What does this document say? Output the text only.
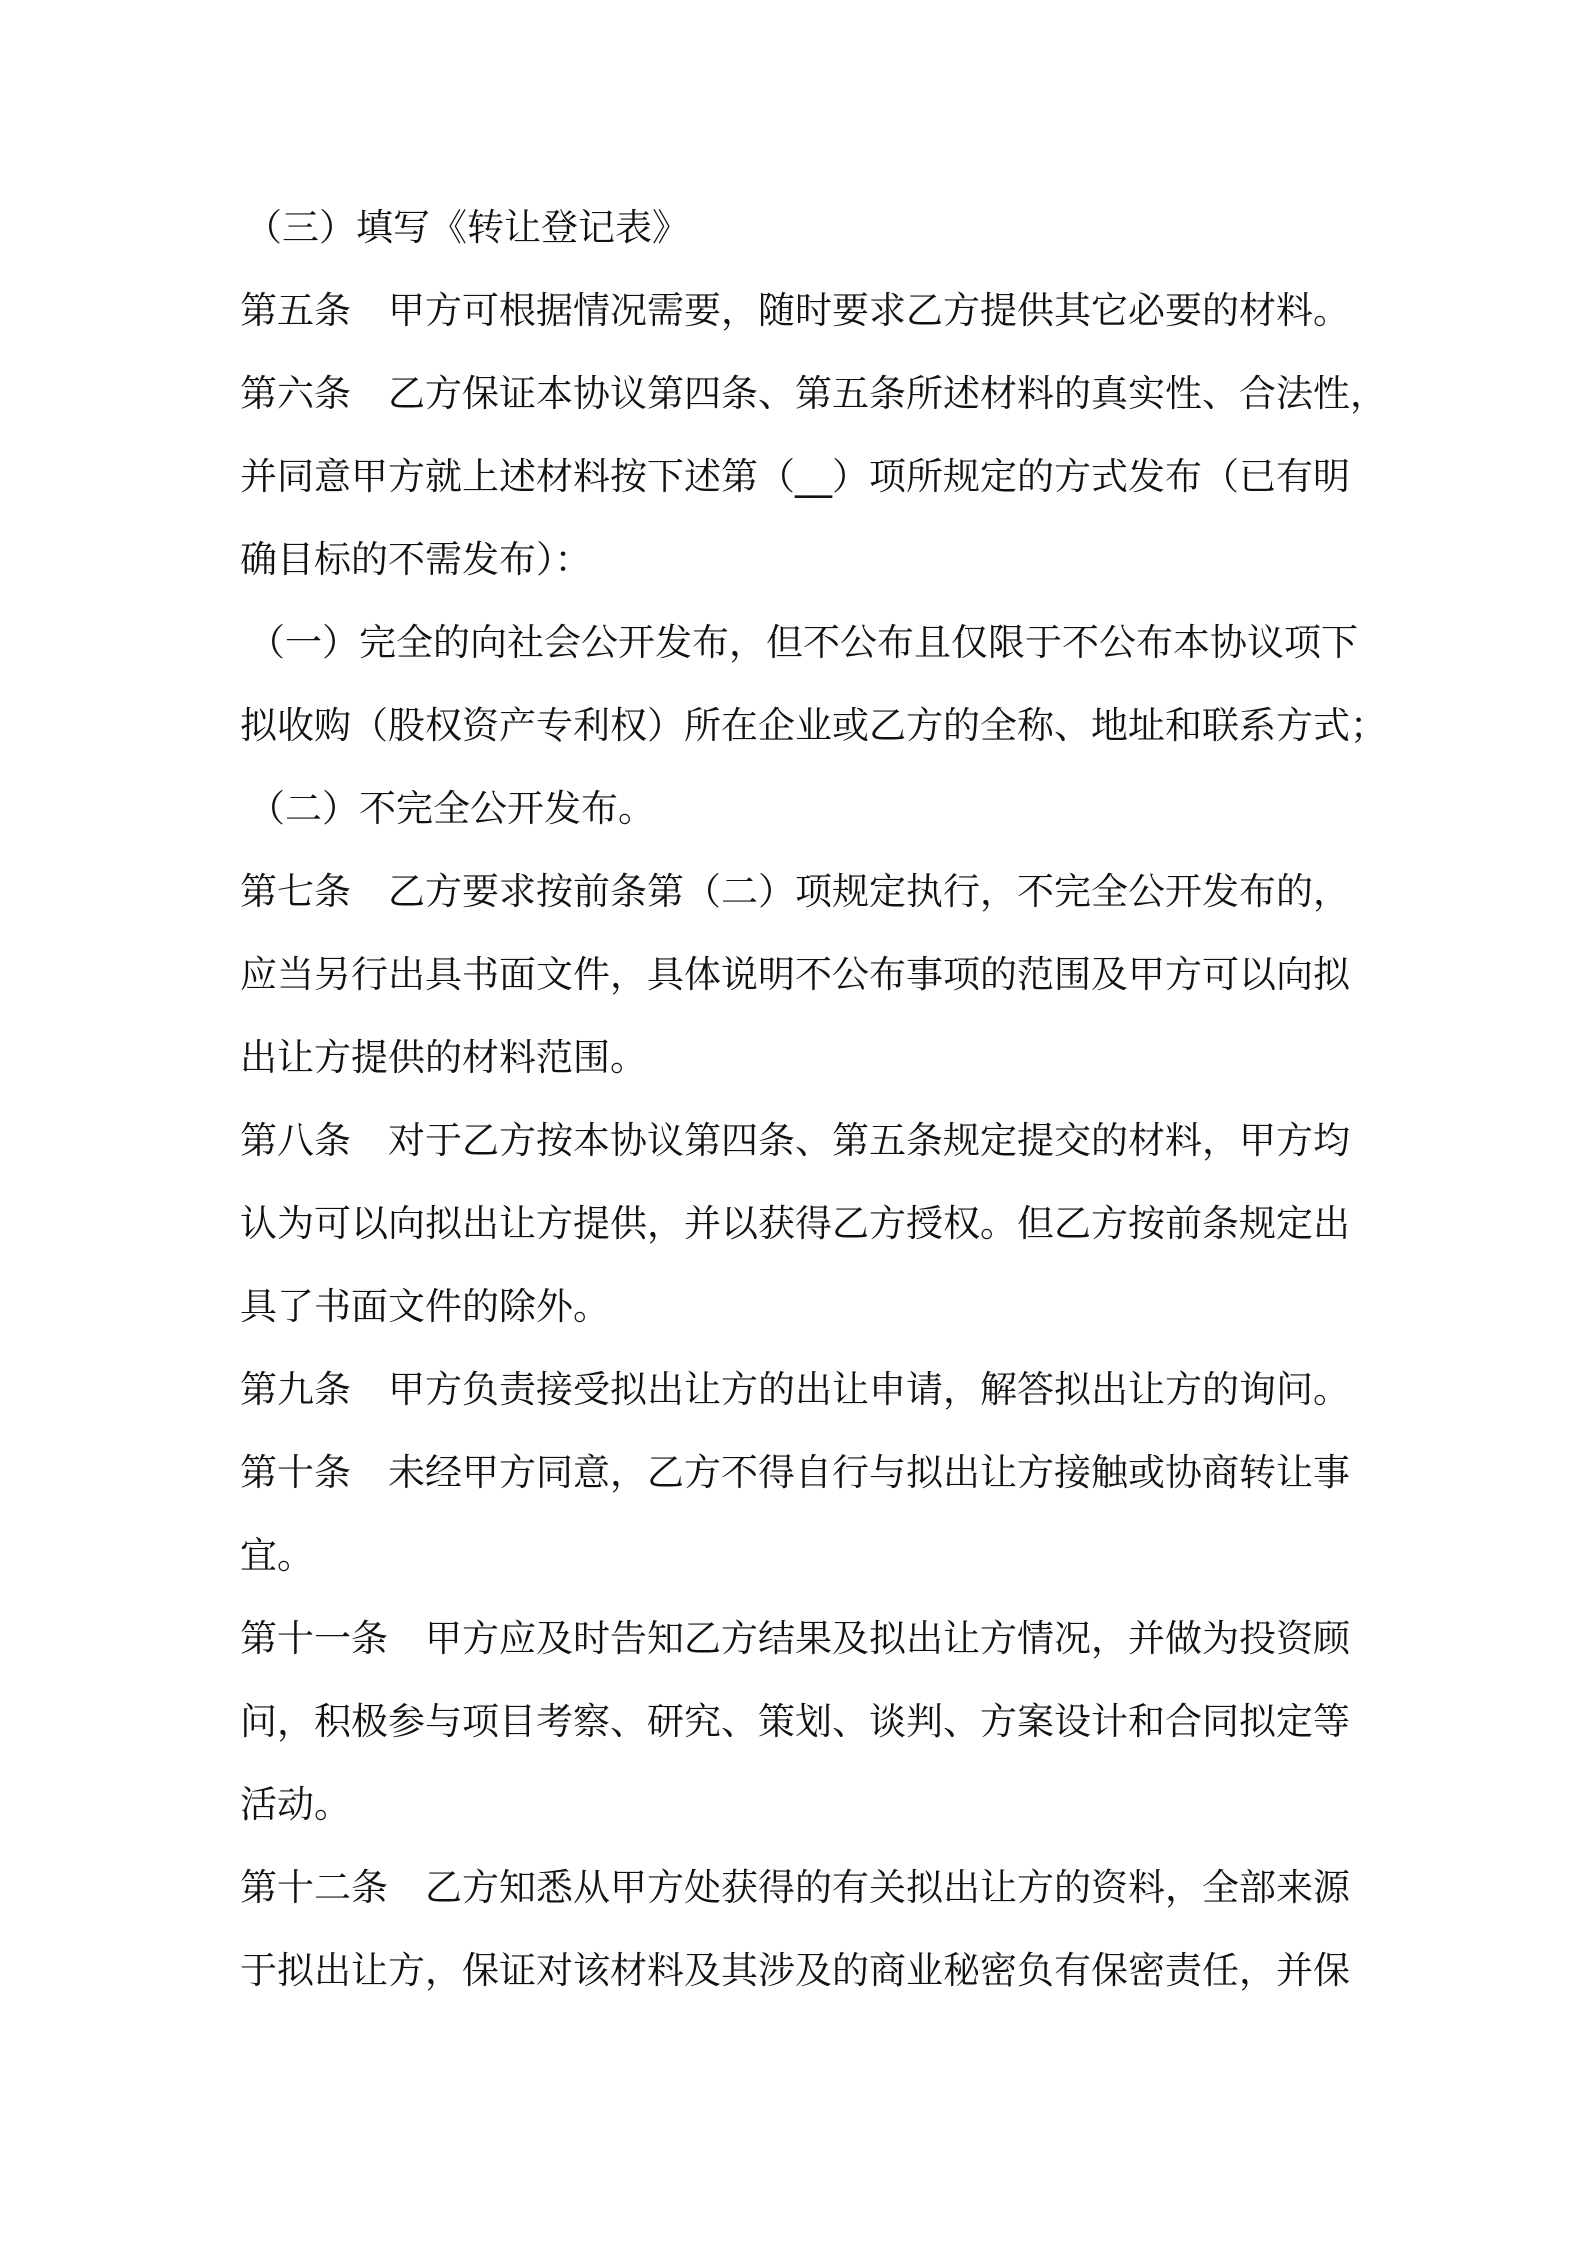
（三）填写《转让登记表》
第五条　甲方可根据情况需要，随时要求乙方提供其它必要的材料。
第六条　乙方保证本协议第四条、第五条所述材料的真实性、合法性，
并同意甲方就上述材料按下述第（__）项所规定的方式发布（已有明
确目标的不需发布）：
（一）完全的向社会公开发布，但不公布且仅限于不公布本协议项下
拟收购（股权资产专利权）所在企业或乙方的全称、地址和联系方式；
（二）不完全公开发布。
第七条　乙方要求按前条第（二）项规定执行，不完全公开发布的，
应当另行出具书面文件，具体说明不公布事项的范围及甲方可以向拟
出让方提供的材料范围。
第八条　对于乙方按本协议第四条、第五条规定提交的材料，甲方均
认为可以向拟出让方提供，并以获得乙方授权。但乙方按前条规定出
具了书面文件的除外。
第九条　甲方负责接受拟出让方的出让申请，解答拟出让方的询问。
第十条　未经甲方同意，乙方不得自行与拟出让方接触或协商转让事
宜。
第十一条　甲方应及时告知乙方结果及拟出让方情况，并做为投资顾
问，积极参与项目考察、研究、策划、谈判、方案设计和合同拟定等
活动。
第十二条　乙方知悉从甲方处获得的有关拟出让方的资料，全部来源
于拟出让方，保证对该材料及其涉及的商业秘密负有保密责任，并保
